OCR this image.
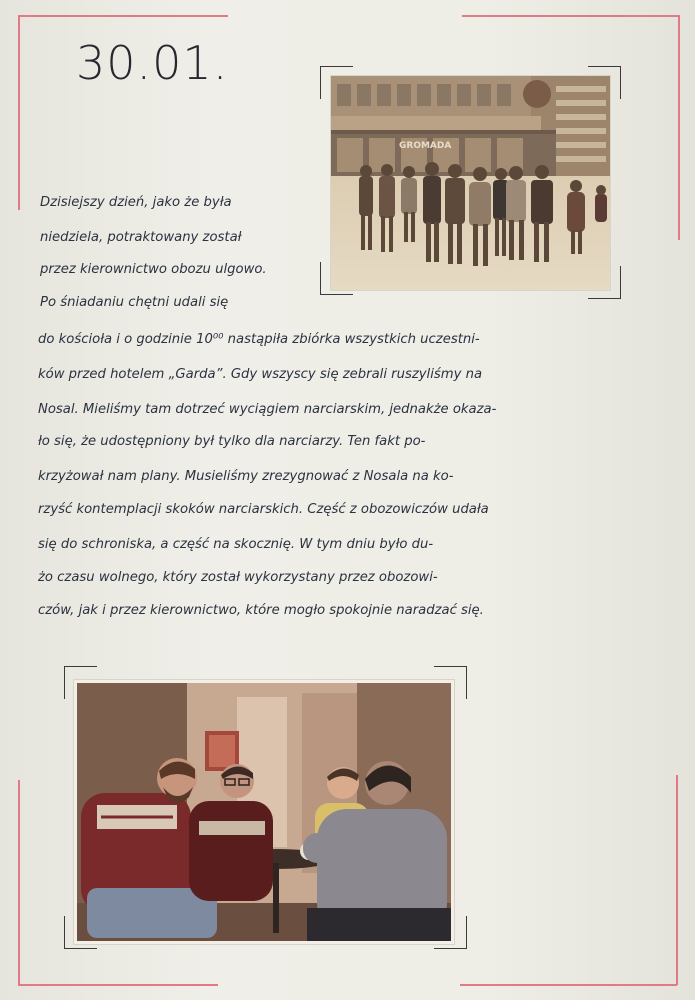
30.01.
GROMADA
Dzisiejszy dzień, jako że była
niedziela, potraktowany został
przez kierownictwo obozu ulgowo.
Po śniadaniu chętni udali się
do kościoła i o godzinie 10⁰⁰ nastąpiła zbiórka wszystkich uczestni-
ków przed hotelem „Garda”. Gdy wszyscy się zebrali ruszyliśmy na
Nosal. Mieliśmy tam dotrzeć wyciągiem narciarskim, jednakże okaza-
ło się, że udostępniony był tylko dla narciarzy. Ten fakt po-
krzyżował nam plany. Musieliśmy zrezygnować z Nosala na ko-
rzyść kontemplacji skoków narciarskich. Część z obozowiczów udała
się do schroniska, a część na skocznię. W tym dniu było du-
żo czasu wolnego, który został wykorzystany przez obozowi-
czów, jak i przez kierownictwo, które mogło spokojnie naradzać się.
